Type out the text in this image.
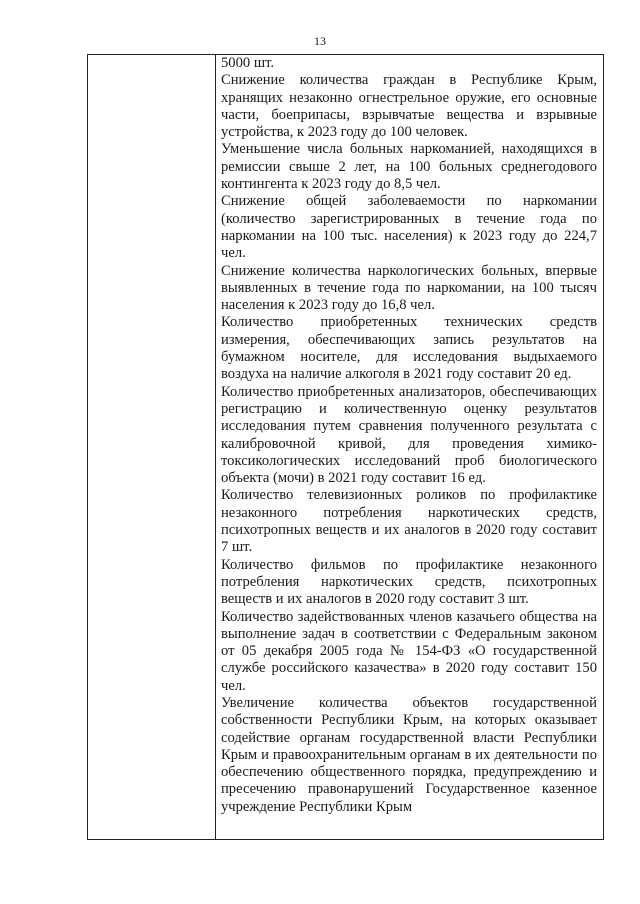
13

5000 шт.

Снижение количества граждан в Республике Крым, хранящих незаконно огнестрельное оружие, его основные части, боеприпасы, взрывчатые вещества и взрывные устройства, к 2023 году до 100 человек.

Уменьшение числа больных наркоманией, находящихся в ремиссии свыше 2 лет, на 100 больных среднегодового контингента к 2023 году до 8,5 чел.

Снижение общей заболеваемости по наркомании (количество зарегистрированных в течение года по наркомании на 100 тыс. населения) к 2023 году до 224,7 чел.

Снижение количества наркологических больных, впервые выявленных в течение года по наркомании, на 100 тысяч населения к 2023 году до 16,8 чел.

Количество приобретенных технических средств измерения, обеспечивающих запись результатов на бумажном носителе, для исследования выдыхаемого воздуха на наличие алкоголя в 2021 году составит 20 ед.

Количество приобретенных анализаторов, обеспечивающих регистрацию и количественную оценку результатов исследования путем сравнения полученного результата с калибровочной кривой, для проведения химико-токсикологических исследований проб биологического объекта (мочи) в 2021 году составит 16 ед.

Количество телевизионных роликов по профилактике незаконного потребления наркотических средств, психотропных веществ и их аналогов в 2020 году составит 7 шт.

Количество фильмов по профилактике незаконного потребления наркотических средств, психотропных веществ и их аналогов в 2020 году составит 3 шт.

Количество задействованных членов казачьего общества на выполнение задач в соответствии с Федеральным законом от 05 декабря 2005 года № 154-ФЗ «О государственной службе российского казачества» в 2020 году составит 150 чел.

Увеличение количества объектов государственной собственности Республики Крым, на которых оказывает содействие органам государственной власти Республики Крым и правоохранительным органам в их деятельности по обеспечению общественного порядка, предупреждению и пресечению правонарушений Государственное казенное учреждение Республики Крым
